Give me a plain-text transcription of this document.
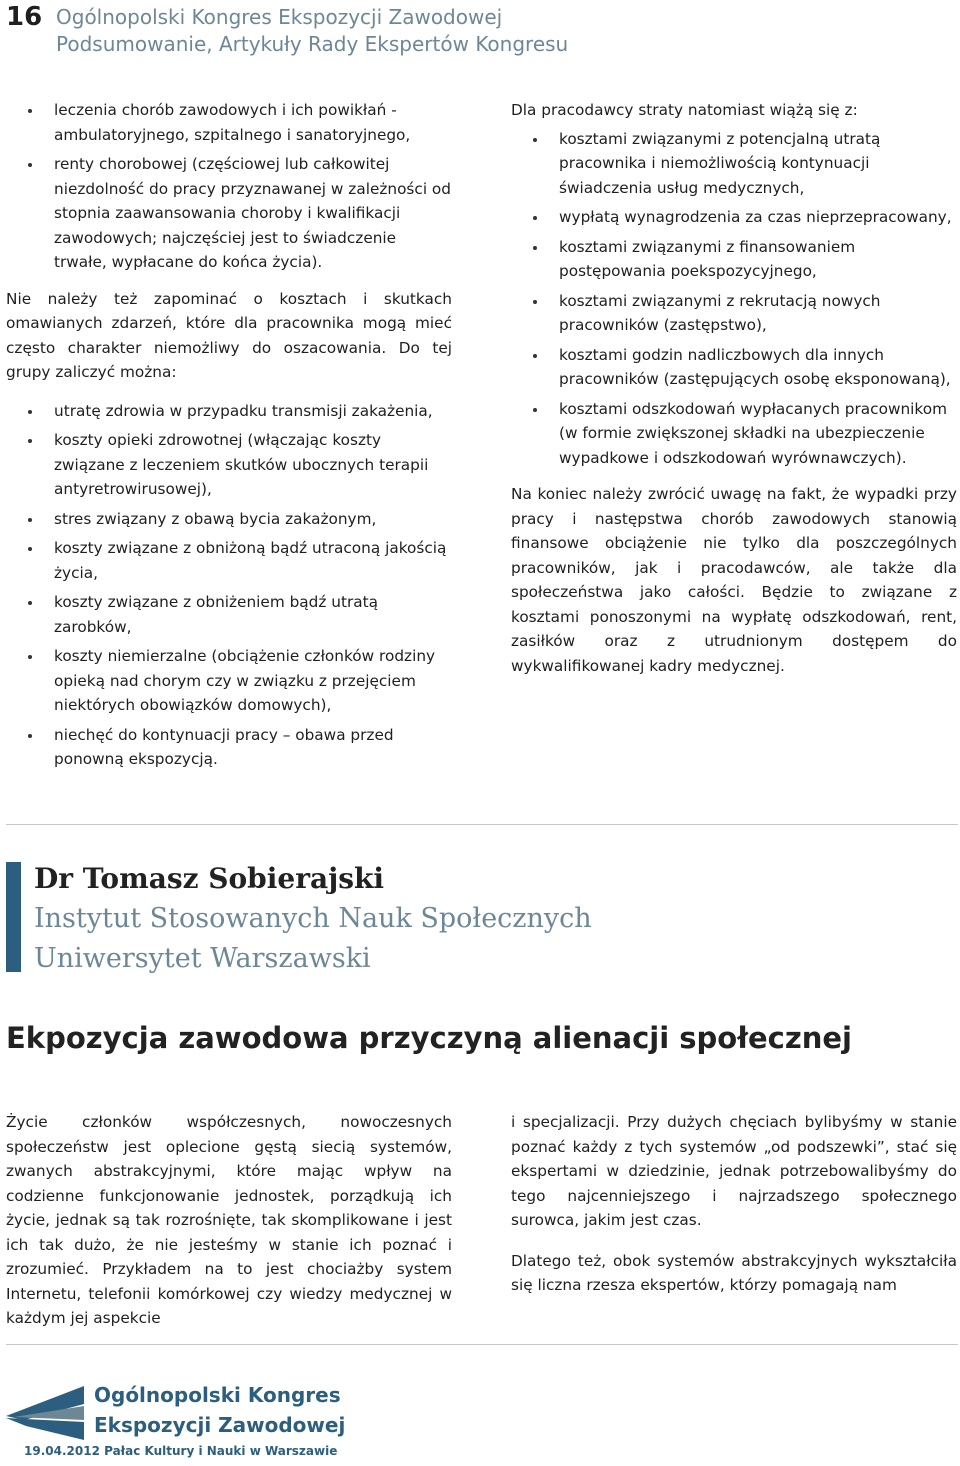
16 Ogólnopolski Kongres Ekspozycji Zawodowej
Podsumowanie, Artykuły Rady Ekspertów Kongresu
leczenia chorób zawodowych i ich powikłań - ambulatoryjnego, szpitalnego i sanatoryjnego,
renty chorobowej (częściowej lub całkowitej niezdolność do pracy przyznawanej w zależności od stopnia zaawansowania choroby i kwalifikacji zawodowych; najczęściej jest to świadczenie trwałe, wypłacane do końca życia).

Nie należy też zapominać o kosztach i skutkach omawianych zdarzeń, które dla pracownika mogą mieć często charakter niemożliwy do oszacowania. Do tej grupy zaliczyć można:

utratę zdrowia w przypadku transmisji zakażenia,
koszty opieki zdrowotnej (włączając koszty związane z leczeniem skutków ubocznych terapii antyretrowirusowej),
stres związany z obawą bycia zakażonym,
koszty związane z obniżoną bądź utraconą jakością życia,
koszty związane z obniżeniem bądź utratą zarobków,
koszty niemierzalne (obciążenie członków rodziny opieką nad chorym czy w związku z przejęciem niektórych obowiązków domowych),
niechęć do kontynuacji pracy – obawa przed ponowną ekspozycją.

Dla pracodawcy straty natomiast wiążą się z:

kosztami związanymi z potencjalną utratą pracownika i niemożliwością kontynuacji świadczenia usług medycznych,
wypłatą wynagrodzenia za czas nieprzepracowany,
kosztami związanymi z finansowaniem postępowania poekspozycyjnego,
kosztami związanymi z rekrutacją nowych pracowników (zastępstwo),
kosztami godzin nadliczbowych dla innych pracowników (zastępujących osobę eksponowaną),
kosztami odszkodowań wypłacanych pracownikom (w formie zwiększonej składki na ubezpieczenie wypadkowe i odszkodowań wyrównawczych).

Na koniec należy zwrócić uwagę na fakt, że wypadki przy pracy i następstwa chorób zawodowych stanowią finansowe obciążenie nie tylko dla poszczególnych pracowników, jak i pracodawców, ale także dla społeczeństwa jako całości. Będzie to związane z kosztami ponoszonymi na wypłatę odszkodowań, rent, zasiłków oraz z utrudnionym dostępem do wykwalifikowanej kadry medycznej.

Dr Tomasz Sobierajski
Instytut Stosowanych Nauk Społecznych
Uniwersytet Warszawski
Ekpozycja zawodowa przyczyną alienacji społecznej

Życie członków współczesnych, nowoczesnych społeczeństw jest oplecione gęstą siecią systemów, zwanych abstrakcyjnymi, które mając wpływ na codzienne funkcjonowanie jednostek, porządkują ich życie, jednak są tak rozrośnięte, tak skomplikowane i jest ich tak dużo, że nie jesteśmy w stanie ich poznać i zrozumieć. Przykładem na to jest chociażby system Internetu, telefonii komórkowej czy wiedzy medycznej w każdym jej aspekcie

i specjalizacji. Przy dużych chęciach bylibyśmy w stanie poznać każdy z tych systemów „od podszewki”, stać się ekspertami w dziedzinie, jednak potrzebowalibyśmy do tego najcenniejszego i najrzadszego społecznego surowca, jakim jest czas.

Dlatego też, obok systemów abstrakcyjnych wykształciła się liczna rzesza ekspertów, którzy pomagają nam

Ogólnopolski Kongres
Ekspozycji Zawodowej
19.04.2012 Pałac Kultury i Nauki w Warszawie
